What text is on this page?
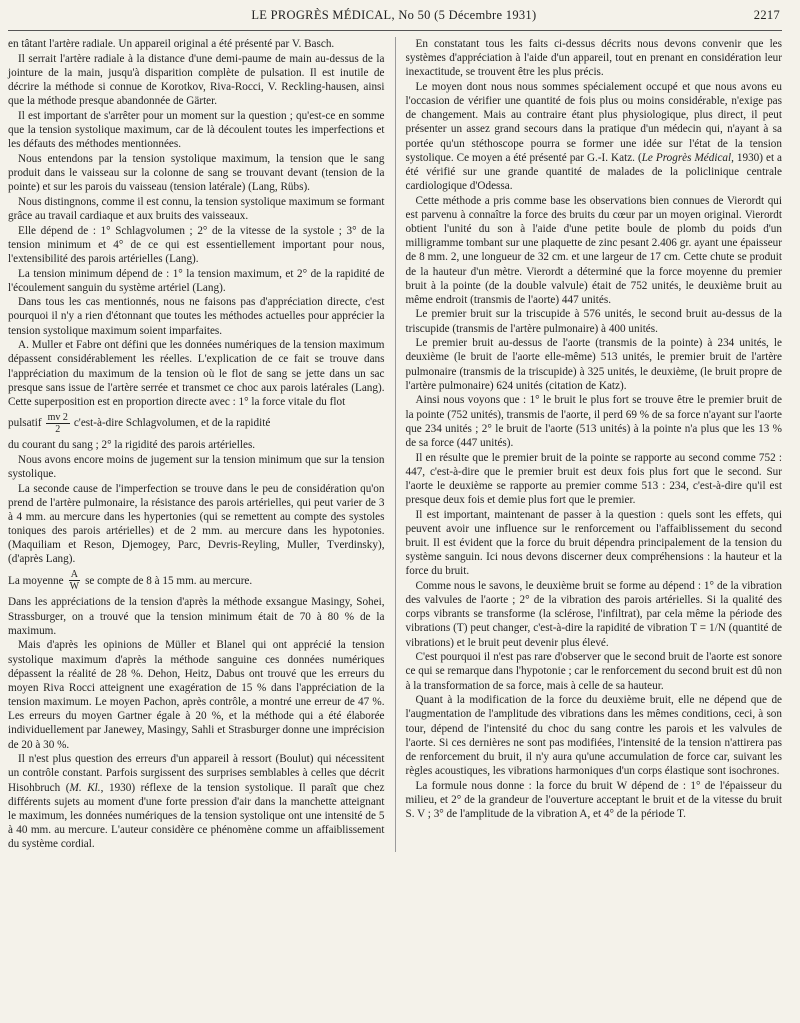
LE PROGRÈS MÉDICAL, No 50 (5 Décembre 1931)	2217

en tâtant l'artère radiale. Un appareil original a été présenté par V. Basch.

Il serrait l'artère radiale à la distance d'une demi-paume de main au-dessus de la jointure de la main, jusqu'à disparition complète de pulsation. Il est inutile de décrire la méthode si connue de Korotkov, Riva-Rocci, V. Reckling-hausen, ainsi que la méthode presque abandonnée de Gärter.

Il est important de s'arrêter pour un moment sur la question ; qu'est-ce en somme que la tension systolique maximum, car de là découlent toutes les imperfections et les défauts des méthodes mentionnées.

Nous entendons par la tension systolique maximum, la tension que le sang produit dans le vaisseau sur la colonne de sang se trouvant devant (tension de la pointe) et sur les parois du vaisseau (tension latérale) (Lang, Rübs).

Nous distingnons, comme il est connu, la tension systolique maximum se formant grâce au travail cardiaque et aux bruits des vaisseaux.

Elle dépend de : 1° Schlagvolumen ; 2° de la vitesse de la systole ; 3° de la tension minimum et 4° de ce qui est essentiellement important pour nous, l'extensibilité des parois artérielles (Lang).

La tension minimum dépend de : 1° la tension maximum, et 2° de la rapidité de l'écoulement sanguin du système artériel (Lang).

Dans tous les cas mentionnés, nous ne faisons pas d'appréciation directe, c'est pourquoi il n'y a rien d'étonnant que toutes les méthodes actuelles pour apprécier la tension systolique maximum soient imparfaites.

A. Muller et Fabre ont défini que les données numériques de la tension maximum dépassent considérablement les réelles. L'explication de ce fait se trouve dans l'appréciation du maximum de la tension où le flot de sang se jette dans un sac presque sans issue de l'artère serrée et transmet ce choc aux parois latérales (Lang). Cette superposition est en proportion directe avec : 1° la force vitale du flot

pulsatif $\frac{mv 2}{2}$ c'est-à-dire Schlagvolumen, et de la rapidité

du courant du sang ; 2° la rigidité des parois artérielles.

Nous avons encore moins de jugement sur la tension minimum que sur la tension systolique.

La seconde cause de l'imperfection se trouve dans le peu de considération qu'on prend de l'artère pulmonaire, la résistance des parois artérielles, qui peut varier de 3 à 4 mm. au mercure dans les hypertonies (qui se remettent au compte des systoles toniques des parois artérielles) et de 2 mm. au mercure dans les hypotonies. (Maquiliam et Reson, Djemogey, Parc, Devris-Reyling, Muller, Tverdinsky), (d'après Lang).

La moyenne $\frac{A}{W}$ se compte de 8 à 15 mm. au mercure.

Dans les appréciations de la tension d'après la méthode exsangue Masingy, Sohei, Strassburger, on a trouvé que la tension minimum était de 70 à 80 % de la maximum.

Mais d'après les opinions de Müller et Blanel qui ont apprécié la tension systolique maximum d'après la méthode sanguine ces données numériques dépassent la réalité de 28 %. Dehon, Heitz, Dabus ont trouvé que les erreurs du moyen Riva Rocci atteignent une exagération de 15 % dans l'appréciation de la tension maximum. Le moyen Pachon, après contrôle, a montré une erreur de 47 %. Les erreurs du moyen Gartner égale à 20 %, et la méthode qui a été élaborée individuellement par Janewey, Masingy, Sahli et Strasburger donne une imprécision de 20 à 30 %.

Il n'est plus question des erreurs d'un appareil à ressort (Boulut) qui nécessitent un contrôle constant. Parfois surgissent des surprises semblables à celles que décrit Hisohbruch (M. Kl., 1930) réflexe de la tension systolique. Il paraît que chez différents sujets au moment d'une forte pression d'air dans la manchette atteignant le maximum, les données numériques de la tension systolique ont une intensité de 5 à 40 mm. au mercure. L'auteur considère ce phénomène comme un affaiblissement du système cordial.

En constatant tous les faits ci-dessus décrits nous devons convenir que les systèmes d'appréciation à l'aide d'un appareil, tout en prenant en considération leur inexactitude, se trouvent être les plus précis.

Le moyen dont nous nous sommes spécialement occupé et que nous avons eu l'occasion de vérifier une quantité de fois plus ou moins considérable, n'exige pas de changement. Mais au contraire étant plus physiologique, plus direct, il peut présenter un assez grand secours dans la pratique d'un médecin qui, n'ayant à sa portée qu'un stéthoscope pourra se former une idée sur l'état de la tension systolique. Ce moyen a été présenté par G.-I. Katz. (Le Progrès Médical, 1930) et a été vérifié sur une grande quantité de malades de la policlinique centrale cardiologique d'Odessa.

Cette méthode a pris comme base les observations bien connues de Vierordt qui est parvenu à connaître la force des bruits du cœur par un moyen original. Vierordt obtient l'unité du son à l'aide d'une petite boule de plomb du poids d'un milligramme tombant sur une plaquette de zinc pesant 2.406 gr. ayant une épaisseur de 8 mm. 2, une longueur de 32 cm. et une largeur de 17 cm. Cette chute se produit de la hauteur d'un mètre. Vierordt a déterminé que la force moyenne du premier bruit à la pointe (de la double valvule) était de 752 unités, le deuxième bruit au même endroit (transmis de l'aorte) 447 unités.

Le premier bruit sur la triscupide à 576 unités, le second bruit au-dessus de la triscupide (transmis de l'artère pulmonaire) à 400 unités.

Le premier bruit au-dessus de l'aorte (transmis de la pointe) à 234 unités, le deuxième (le bruit de l'aorte elle-même) 513 unités, le premier bruit de l'artère pulmonaire (transmis de la triscupide) à 325 unités, le deuxième, (le bruit propre de l'artère pulmonaire) 624 unités (citation de Katz).

Ainsi nous voyons que : 1° le bruit le plus fort se trouve être le premier bruit de la pointe (752 unités), transmis de l'aorte, il perd 69 % de sa force n'ayant sur l'aorte que 234 unités ; 2° le bruit de l'aorte (513 unités) à la pointe n'a plus que les 13 % de sa force (447 unités).

Il en résulte que le premier bruit de la pointe se rapporte au second comme 752 : 447, c'est-à-dire que le premier bruit est deux fois plus fort que le second. Sur l'aorte le deuxième se rapporte au premier comme 513 : 234, c'est-à-dire qu'il est presque deux fois et demie plus fort que le premier.

Il est important, maintenant de passer à la question : quels sont les effets, qui peuvent avoir une influence sur le renforcement ou l'affaiblissement du second bruit. Il est évident que la force du bruit dépendra principalement de la tension du système sanguin. Ici nous devons discerner deux compréhensions : la hauteur et la force du bruit.

Comme nous le savons, le deuxième bruit se forme au dépend : 1° de la vibration des valvules de l'aorte ; 2° de la vibration des parois artérielles. Si la qualité des corps vibrants se transforme (la sclérose, l'infiltrat), par cela même la période des vibrations (T) peut changer, c'est-à-dire la rapidité de vibration T = 1/N (quantité de vibrations) et le bruit peut devenir plus élevé.

C'est pourquoi il n'est pas rare d'observer que le second bruit de l'aorte est sonore ce qui se remarque dans l'hypotonie ; car le renforcement du second bruit est dû non à la transformation de sa force, mais à celle de sa hauteur.

Quant à la modification de la force du deuxième bruit, elle ne dépend que de l'augmentation de l'amplitude des vibrations dans les mêmes conditions, ceci, à son tour, dépend de l'intensité du choc du sang contre les parois et les valvules de l'aorte. Si ces dernières ne sont pas modifiées, l'intensité de la tension n'attirera pas de renforcement du bruit, il n'y aura qu'une accumulation de force car, suivant les règles acoustiques, les vibrations harmoniques d'un corps élastique sont isochrones.

La formule nous donne : la force du bruit W dépend de : 1° de l'épaisseur du milieu, et 2° de la grandeur de l'ouverture acceptant le bruit et de la vitesse du bruit S. V ; 3° de l'amplitude de la vibration A, et 4° de la période T.
